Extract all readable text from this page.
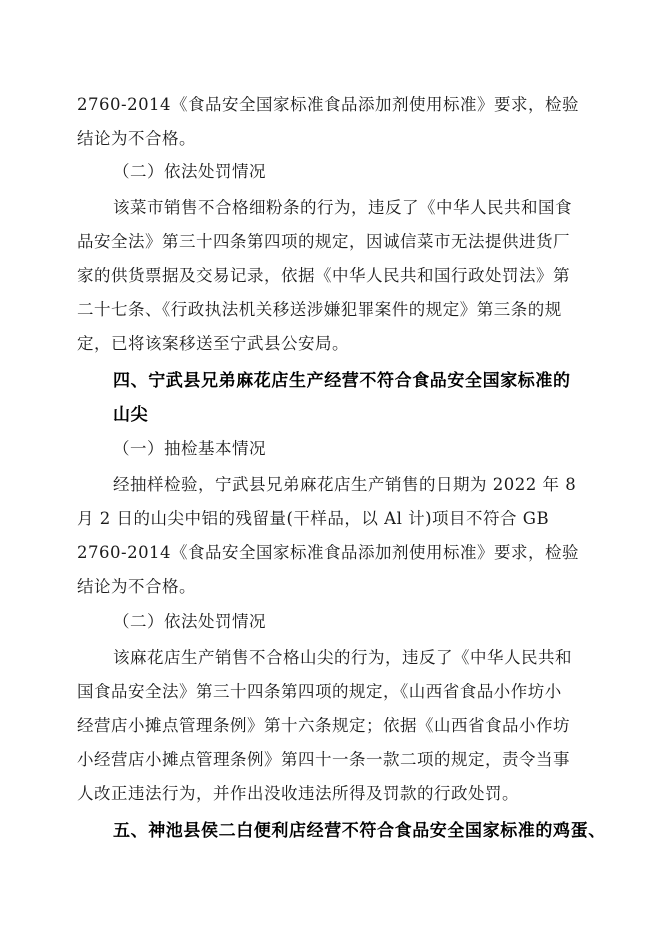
2760-2014《食品安全国家标准食品添加剂使用标准》要求，检验
结论为不合格。
（二）依法处罚情况
该菜市销售不合格细粉条的行为，违反了《中华人民共和国食
品安全法》第三十四条第四项的规定，因诚信菜市无法提供进货厂
家的供货票据及交易记录，依据《中华人民共和国行政处罚法》第
二十七条、《行政执法机关移送涉嫌犯罪案件的规定》第三条的规
定，已将该案移送至宁武县公安局。
四、宁武县兄弟麻花店生产经营不符合食品安全国家标准的
山尖
（一）抽检基本情况
经抽样检验，宁武县兄弟麻花店生产销售的日期为 2022 年 8
月 2 日的山尖中铝的残留量(干样品，以 Al 计)项目不符合 GB
2760-2014《食品安全国家标准食品添加剂使用标准》要求，检验
结论为不合格。
（二）依法处罚情况
该麻花店生产销售不合格山尖的行为，违反了《中华人民共和
国食品安全法》第三十四条第四项的规定，《山西省食品小作坊小
经营店小摊点管理条例》第十六条规定；依据《山西省食品小作坊
小经营店小摊点管理条例》第四十一条一款二项的规定，责令当事
人改正违法行为，并作出没收违法所得及罚款的行政处罚。
五、神池县侯二白便利店经营不符合食品安全国家标准的鸡蛋、
